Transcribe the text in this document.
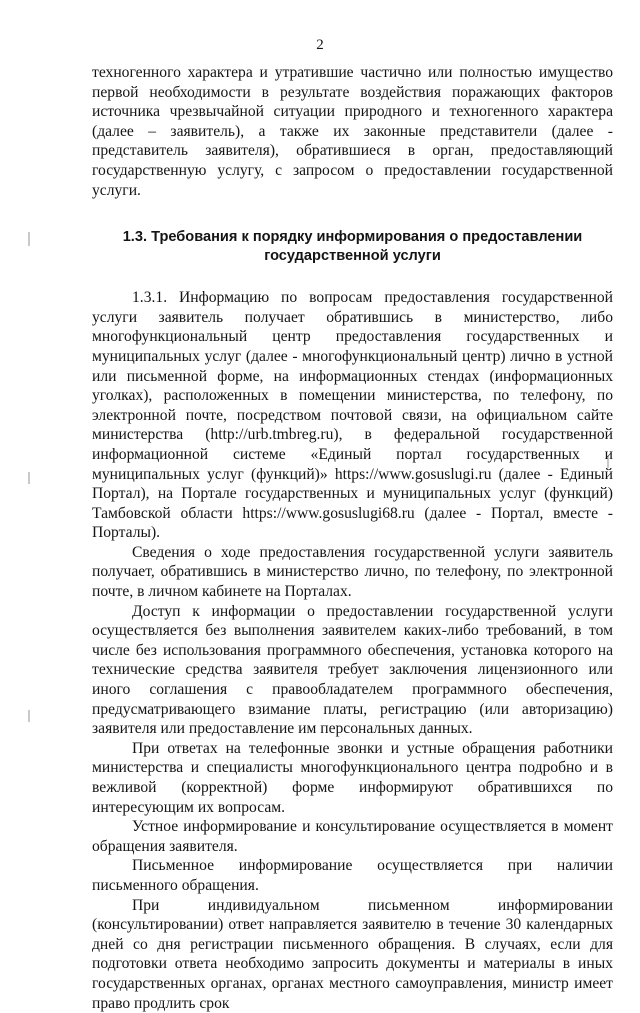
2

техногенного характера и утратившие частично или полностью имущество первой необходимости в результате воздействия поражающих факторов источника чрезвычайной ситуации природного и техногенного характера (далее – заявитель), а также их законные представители (далее - представитель заявителя), обратившиеся в орган, предоставляющий государственную услугу, с запросом о предоставлении государственной услуги.

1.3. Требования к порядку информирования о предоставлении государственной услуги

1.3.1. Информацию по вопросам предоставления государственной услуги заявитель получает обратившись в министерство, либо многофункциональный центр предоставления государственных и муниципальных услуг (далее - многофункциональный центр) лично в устной или письменной форме, на информационных стендах (информационных уголках), расположенных в помещении министерства, по телефону, по электронной почте, посредством почтовой связи, на официальном сайте министерства (http://urb.tmbreg.ru), в федеральной государственной информационной системе «Единый портал государственных и муниципальных услуг (функций)» https://www.gosuslugi.ru (далее - Единый Портал), на Портале государственных и муниципальных услуг (функций) Тамбовской области https://www.gosuslugi68.ru (далее - Портал, вместе - Порталы).

Сведения о ходе предоставления государственной услуги заявитель получает, обратившись в министерство лично, по телефону, по электронной почте, в личном кабинете на Порталах.

Доступ к информации о предоставлении государственной услуги осуществляется без выполнения заявителем каких-либо требований, в том числе без использования программного обеспечения, установка которого на технические средства заявителя требует заключения лицензионного или иного соглашения с правообладателем программного обеспечения, предусматривающего взимание платы, регистрацию (или авторизацию) заявителя или предоставление им персональных данных.

При ответах на телефонные звонки и устные обращения работники министерства и специалисты многофункционального центра подробно и в вежливой (корректной) форме информируют обратившихся по интересующим их вопросам.

Устное информирование и консультирование осуществляется в момент обращения заявителя.

Письменное информирование осуществляется при наличии письменного обращения.

При индивидуальном письменном информировании (консультировании) ответ направляется заявителю в течение 30 календарных дней со дня регистрации письменного обращения. В случаях, если для подготовки ответа необходимо запросить документы и материалы в иных государственных органах, органах местного самоуправления, министр имеет право продлить срок
